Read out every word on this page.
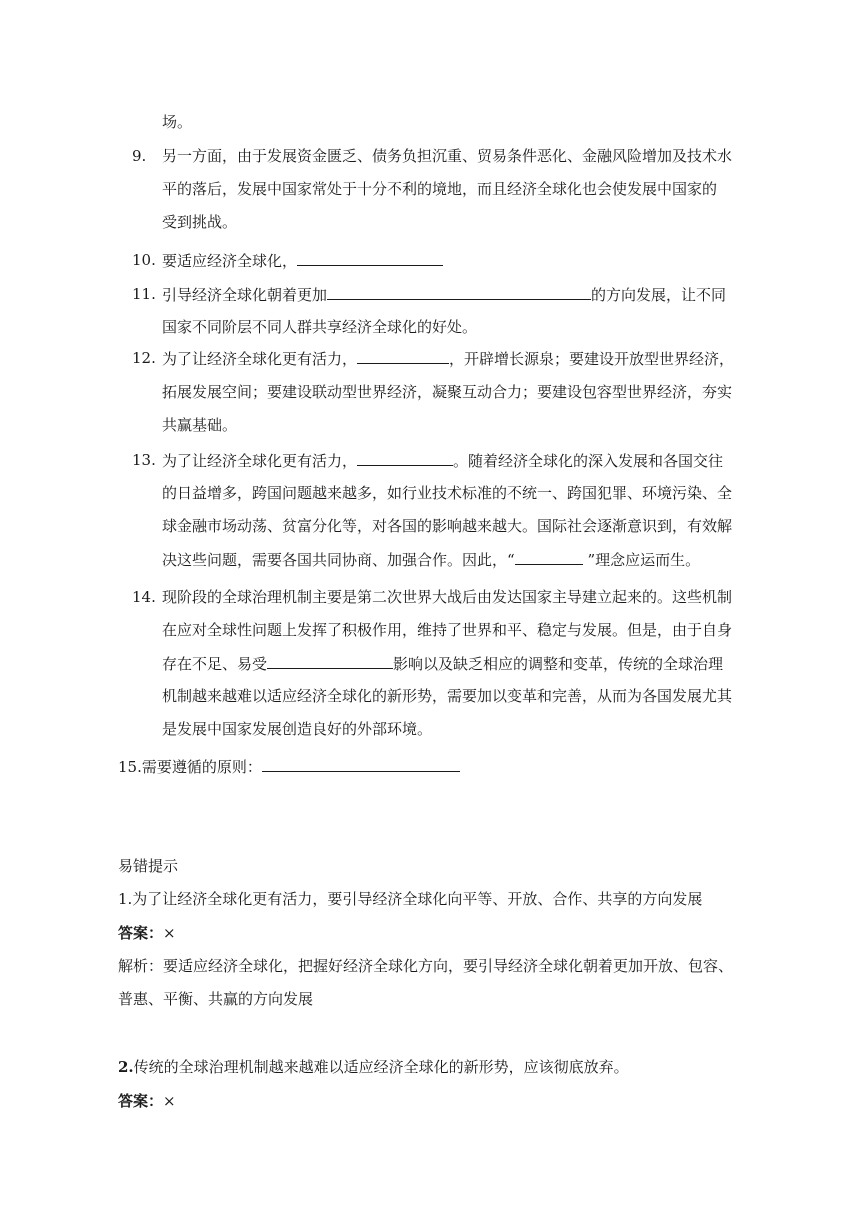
场。
9. 另一方面，由于发展资金匮乏、债务负担沉重、贸易条件恶化、金融风险增加及技术水
平的落后，发展中国家常处于十分不利的境地，而且经济全球化也会使发展中国家的
受到挑战。
10. 要适应经济全球化，
11. 引导经济全球化朝着更加	的方向发展，让不同
国家不同阶层不同人群共享经济全球化的好处。
12. 为了让经济全球化更有活力，	，开辟增长源泉；要建设开放型世界经济，
拓展发展空间；要建设联动型世界经济，凝聚互动合力；要建设包容型世界经济，夯实
共赢基础。
13. 为了让经济全球化更有活力，	。随着经济全球化的深入发展和各国交往
的日益增多，跨国问题越来越多，如行业技术标准的不统一、跨国犯罪、环境污染、全
球金融市场动荡、贫富分化等，对各国的影响越来越大。国际社会逐渐意识到，有效解
决这些问题，需要各国共同协商、加强合作。因此，“	”理念应运而生。
14. 现阶段的全球治理机制主要是第二次世界大战后由发达国家主导建立起来的。这些机制
在应对全球性问题上发挥了积极作用，维持了世界和平、稳定与发展。但是，由于自身
存在不足、易受	影响以及缺乏相应的调整和变革，传统的全球治理
机制越来越难以适应经济全球化的新形势，需要加以变革和完善，从而为各国发展尤其
是发展中国家发展创造良好的外部环境。
15.需要遵循的原则：
易错提示
1.为了让经济全球化更有活力，要引导经济全球化向平等、开放、合作、共享的方向发展
答案：×
解析：要适应经济全球化，把握好经济全球化方向，要引导经济全球化朝着更加开放、包容、
普惠、平衡、共赢的方向发展
2.传统的全球治理机制越来越难以适应经济全球化的新形势，应该彻底放弃。
答案：×
